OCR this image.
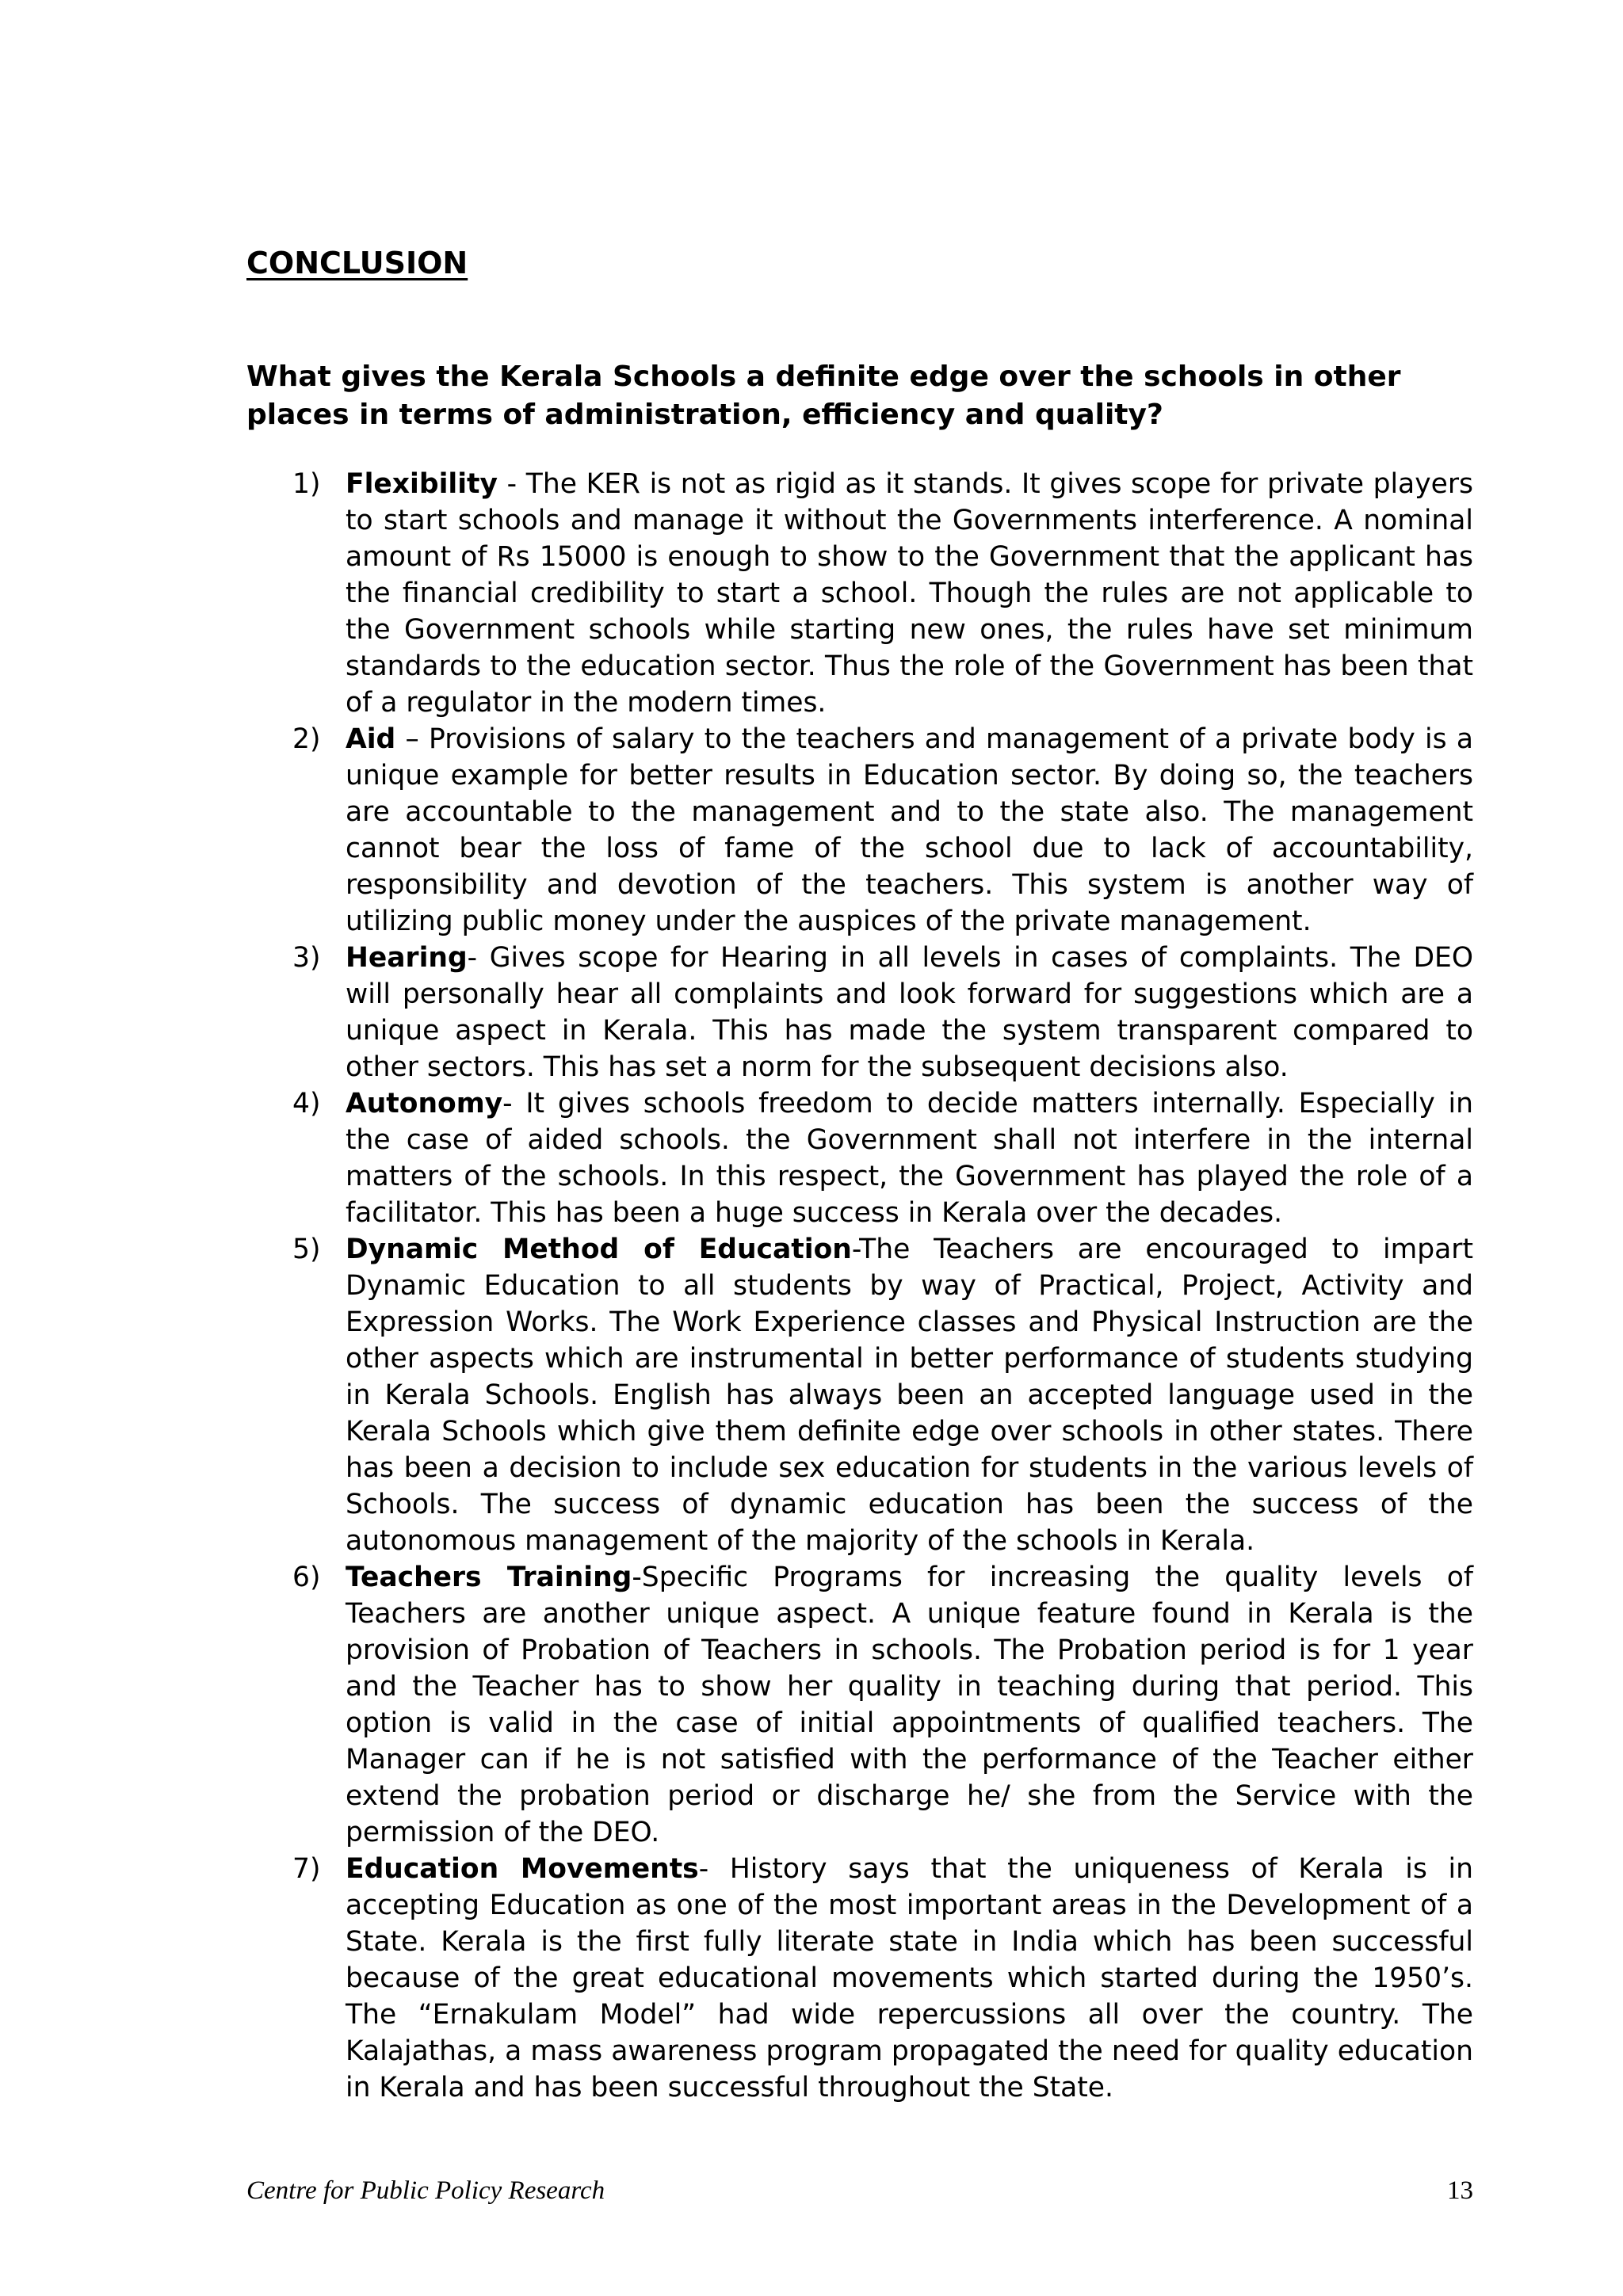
CONCLUSION

What gives the Kerala Schools a definite edge over the schools in other places in terms of administration, efficiency and quality?

1) Flexibility - The KER is not as rigid as it stands. It gives scope for private players to start schools and manage it without the Governments interference. A nominal amount of Rs 15000 is enough to show to the Government that the applicant has the financial credibility to start a school. Though the rules are not applicable to the Government schools while starting new ones, the rules have set minimum standards to the education sector. Thus the role of the Government has been that of a regulator in the modern times.
2) Aid – Provisions of salary to the teachers and management of a private body is a unique example for better results in Education sector. By doing so, the teachers are accountable to the management and to the state also. The management cannot bear the loss of fame of the school due to lack of accountability, responsibility and devotion of the teachers. This system is another way of utilizing public money under the auspices of the private management.
3) Hearing- Gives scope for Hearing in all levels in cases of complaints. The DEO will personally hear all complaints and look forward for suggestions which are a unique aspect in Kerala. This has made the system transparent compared to other sectors. This has set a norm for the subsequent decisions also.
4) Autonomy- It gives schools freedom to decide matters internally. Especially in the case of aided schools. the Government shall not interfere in the internal matters of the schools. In this respect, the Government has played the role of a facilitator. This has been a huge success in Kerala over the decades.
5) Dynamic Method of Education-The Teachers are encouraged to impart Dynamic Education to all students by way of Practical, Project, Activity and Expression Works. The Work Experience classes and Physical Instruction are the other aspects which are instrumental in better performance of students studying in Kerala Schools. English has always been an accepted language used in the Kerala Schools which give them definite edge over schools in other states. There has been a decision to include sex education for students in the various levels of Schools. The success of dynamic education has been the success of the autonomous management of the majority of the schools in Kerala.
6) Teachers Training-Specific Programs for increasing the quality levels of Teachers are another unique aspect. A unique feature found in Kerala is the provision of Probation of Teachers in schools. The Probation period is for 1 year and the Teacher has to show her quality in teaching during that period. This option is valid in the case of initial appointments of qualified teachers. The Manager can if he is not satisfied with the performance of the Teacher either extend the probation period or discharge he/ she from the Service with the permission of the DEO.
7) Education Movements- History says that the uniqueness of Kerala is in accepting Education as one of the most important areas in the Development of a State. Kerala is the first fully literate state in India which has been successful because of the great educational movements which started during the 1950’s. The “Ernakulam Model” had wide repercussions all over the country. The Kalajathas, a mass awareness program propagated the need for quality education in Kerala and has been successful throughout the State.
Centre for Public Policy Research	13
